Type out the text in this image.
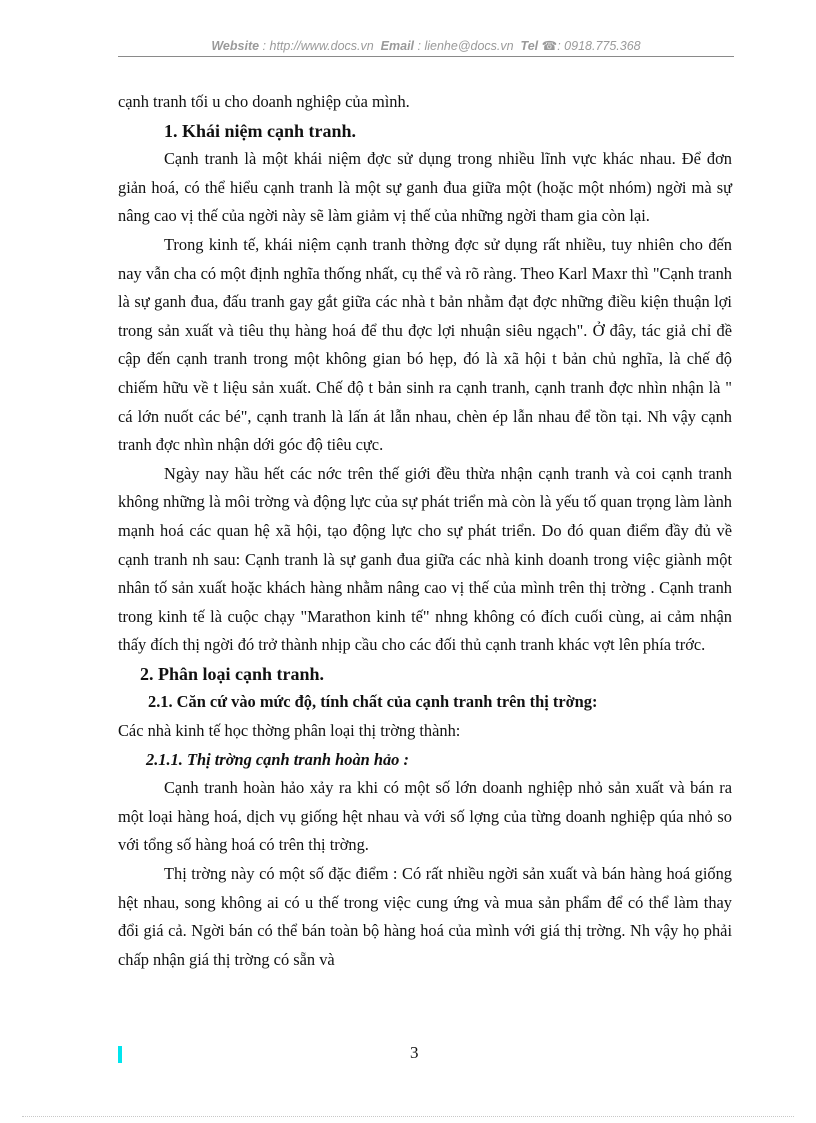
Website : http://www.docs.vn Email : lienhe@docs.vn Tel ☎: 0918.775.368

cạnh tranh tối u cho doanh nghiệp của mình.

1. Khái niệm cạnh tranh.

Cạnh tranh là một khái niệm đợc sử dụng trong nhiều lĩnh vực khác nhau. Để đơn giản hoá, có thể hiểu cạnh tranh là một sự ganh đua giữa một (hoặc một nhóm) ngời mà sự nâng cao vị thế của ngời này sẽ làm giảm vị thế của những ngời tham gia còn lại.

Trong kinh tế, khái niệm cạnh tranh thờng đợc sử dụng rất nhiều, tuy nhiên cho đến nay vẫn cha có một định nghĩa thống nhất, cụ thể và rõ ràng. Theo Karl Maxr thì "Cạnh tranh là sự ganh đua, đấu tranh gay gắt giữa các nhà t bản nhằm đạt đợc những điều kiện thuận lợi trong sản xuất và tiêu thụ hàng hoá để thu đợc lợi nhuận siêu ngạch". Ở đây, tác giả chỉ đề cập đến cạnh tranh trong một không gian bó hẹp, đó là xã hội t bản chủ nghĩa, là chế độ chiếm hữu về t liệu sản xuất. Chế độ t bản sinh ra cạnh tranh, cạnh tranh đợc nhìn nhận là " cá lớn nuốt các bé", cạnh tranh là lấn át lẫn nhau, chèn ép lẫn nhau để tồn tại. Nh vậy cạnh tranh đợc nhìn nhận dới góc độ tiêu cực.

Ngày nay hầu hết các nớc trên thế giới đều thừa nhận cạnh tranh và coi cạnh tranh không những là môi trờng và động lực của sự phát triển mà còn là yếu tố quan trọng làm lành mạnh hoá các quan hệ xã hội, tạo động lực cho sự phát triển. Do đó quan điểm đầy đủ về cạnh tranh nh sau: Cạnh tranh là sự ganh đua giữa các nhà kinh doanh trong việc giành một nhân tố sản xuất hoặc khách hàng nhằm nâng cao vị thế của mình trên thị trờng . Cạnh tranh trong kinh tế là cuộc chạy "Marathon kinh tế" nhng không có đích cuối cùng, ai cảm nhận thấy đích thị ngời đó trở thành nhịp cầu cho các đối thủ cạnh tranh khác vợt lên phía trớc.

2. Phân loại cạnh tranh.

2.1. Căn cứ vào mức độ, tính chất của cạnh tranh trên thị trờng:

Các nhà kinh tế học thờng phân loại thị trờng thành:

2.1.1. Thị trờng cạnh tranh hoàn hảo :

Cạnh tranh hoàn hảo xảy ra khi có một số lớn doanh nghiệp nhỏ sản xuất và bán ra một loại hàng hoá, dịch vụ giống hệt nhau và với số lợng của từng doanh nghiệp qúa nhỏ so với tổng số hàng hoá có trên thị trờng.

Thị trờng này có một số đặc điểm : Có rất nhiều ngời sản xuất và bán hàng hoá giống hệt nhau, song không ai có u thế trong việc cung ứng và mua sản phẩm để có thể làm thay đổi giá cả. Ngời bán có thể bán toàn bộ hàng hoá của mình với giá thị trờng. Nh vậy họ phải chấp nhận giá thị trờng có sẵn và

3
